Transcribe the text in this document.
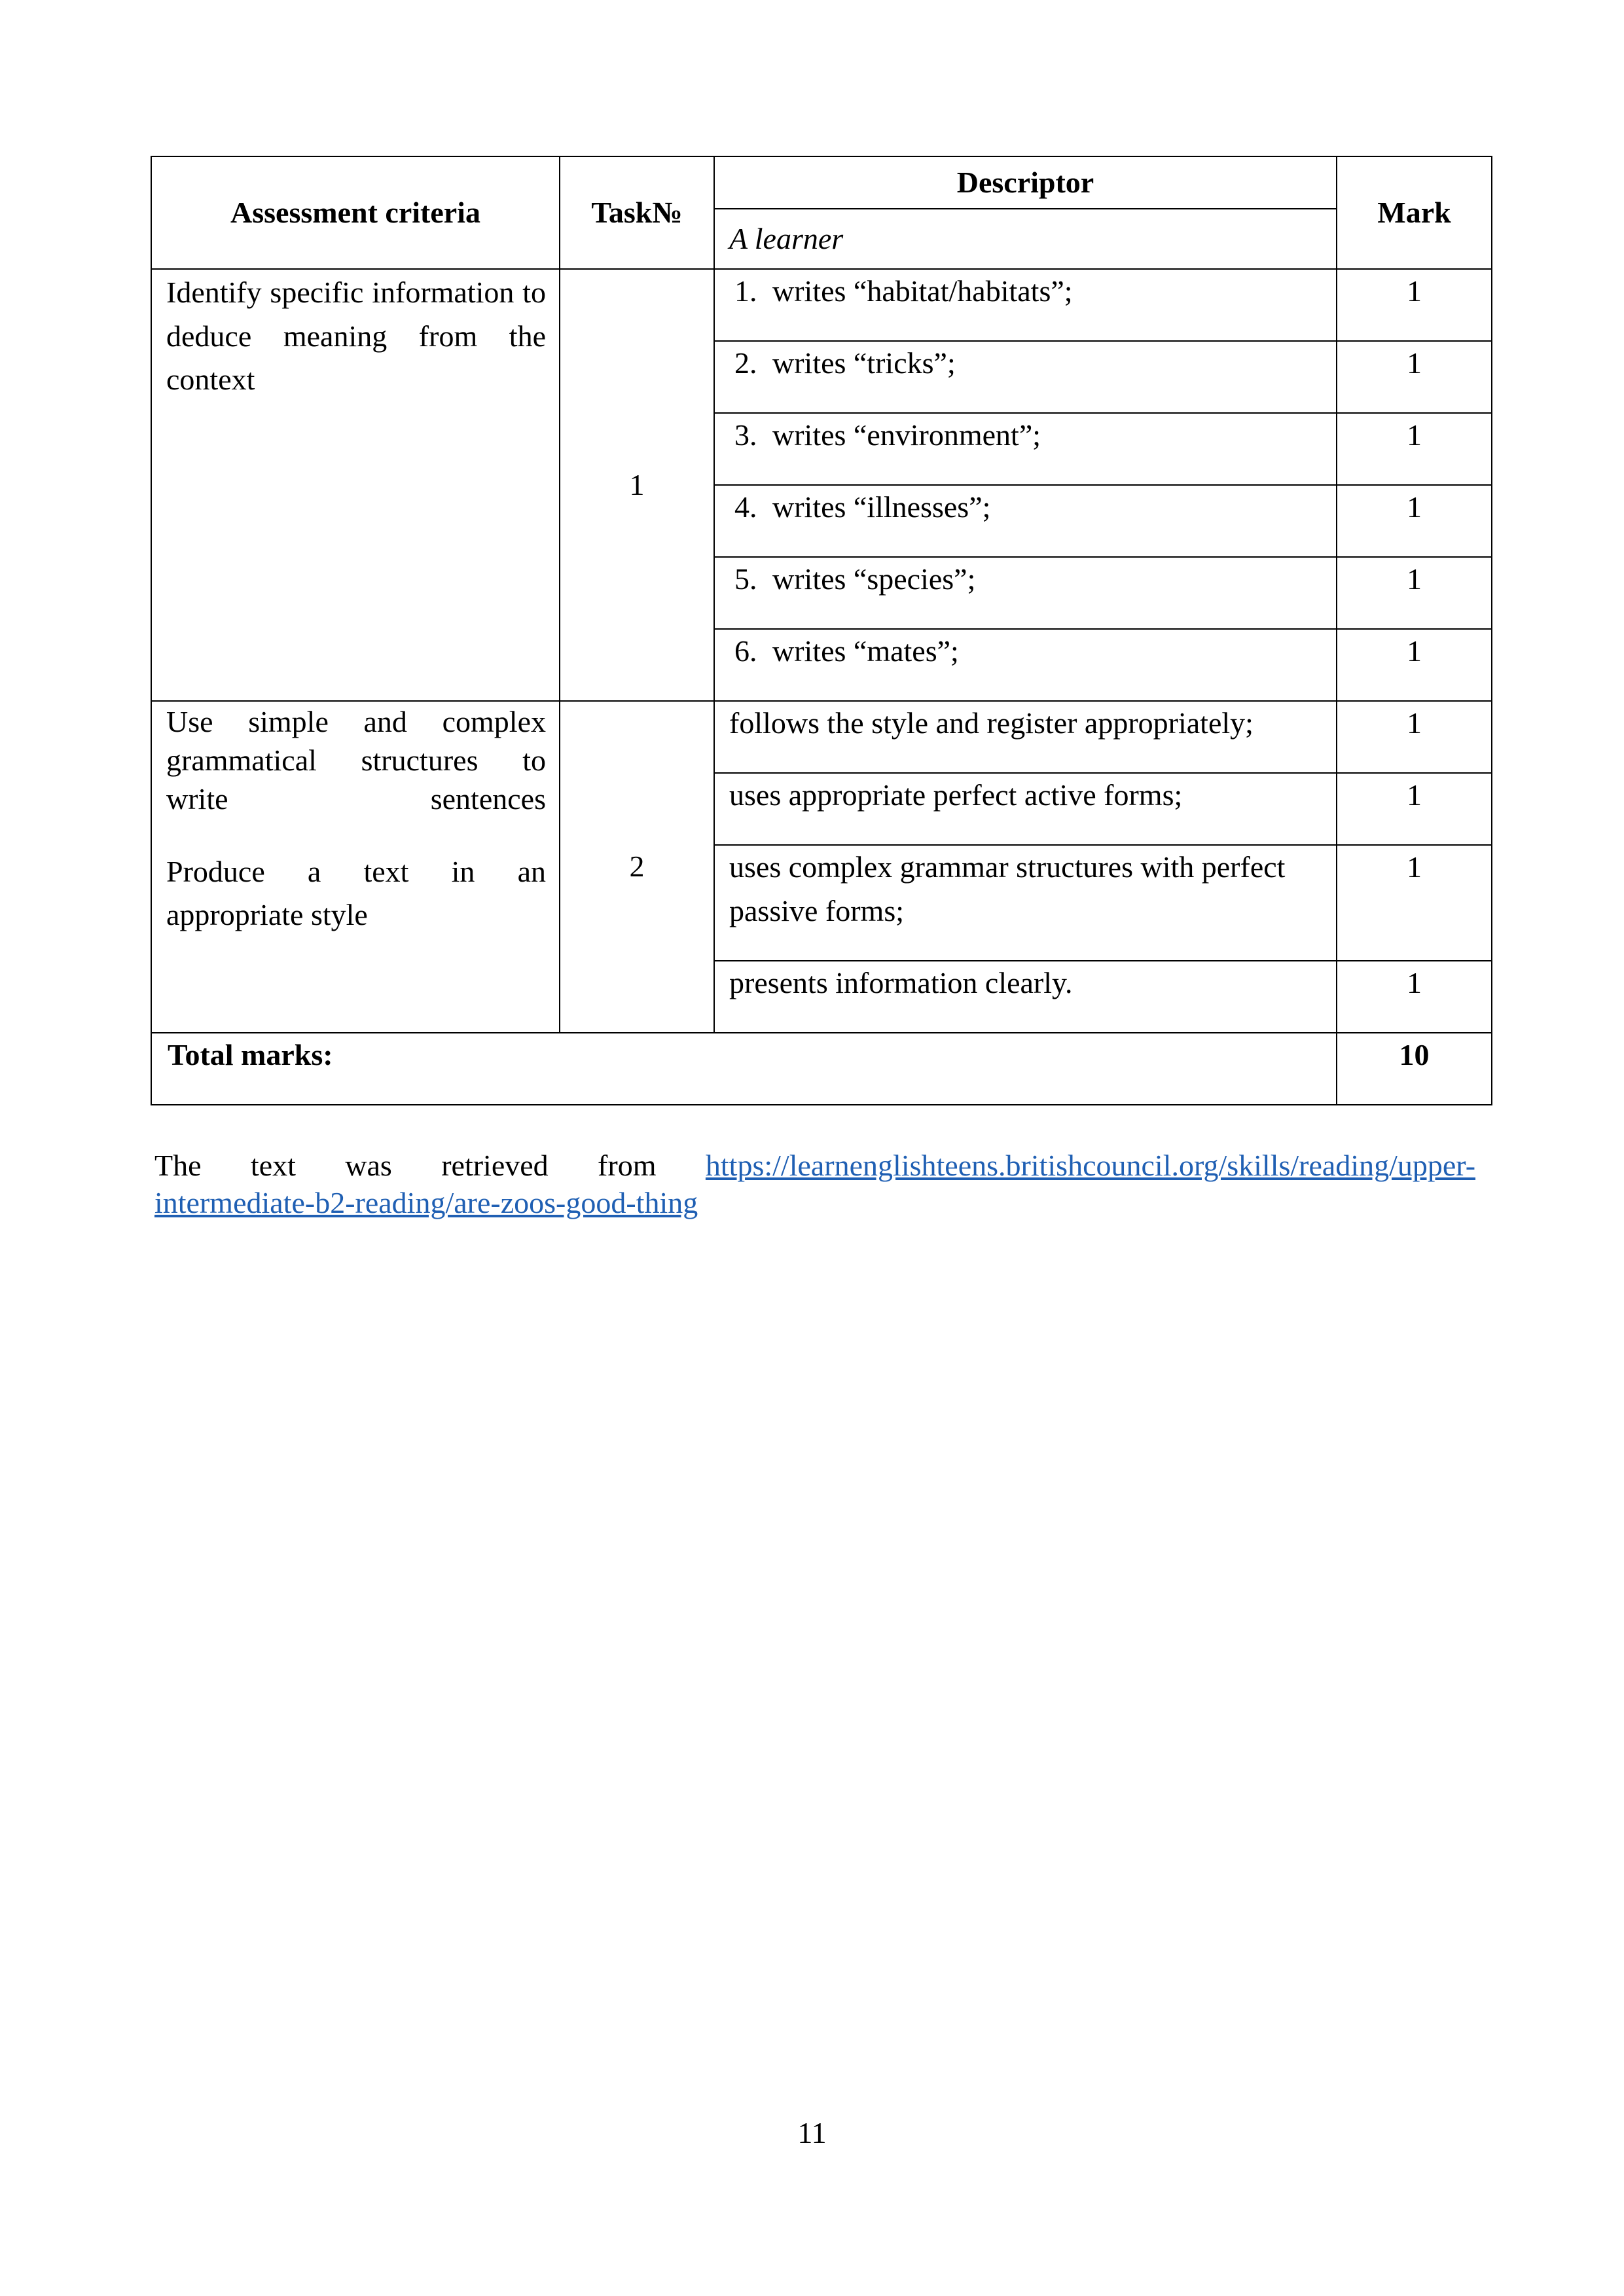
Assessment criteria	Task№	Descriptor	Mark
		A learner	

Identify specific information to deduce meaning from the context	1	1. writes “habitat/habitats”;	1
		2. writes “tricks”;	1
		3. writes “environment”;	1
		4. writes “illnesses”;	1
		5. writes “species”;	1
		6. writes “mates”;	1

Use simple and complex

grammatical structures to

write sentences

Produce a text in an

appropriate style	2	follows the style and register appropriately;	1
		uses appropriate perfect active forms;	1
		uses complex grammar structures with perfect passive forms;	1
		presents information clearly.	1
Total marks:			10
The text was retrieved from https://learnenglishteens.britishcouncil.org/skills/reading/upper-
intermediate-b2-reading/are-zoos-good-thing
11
